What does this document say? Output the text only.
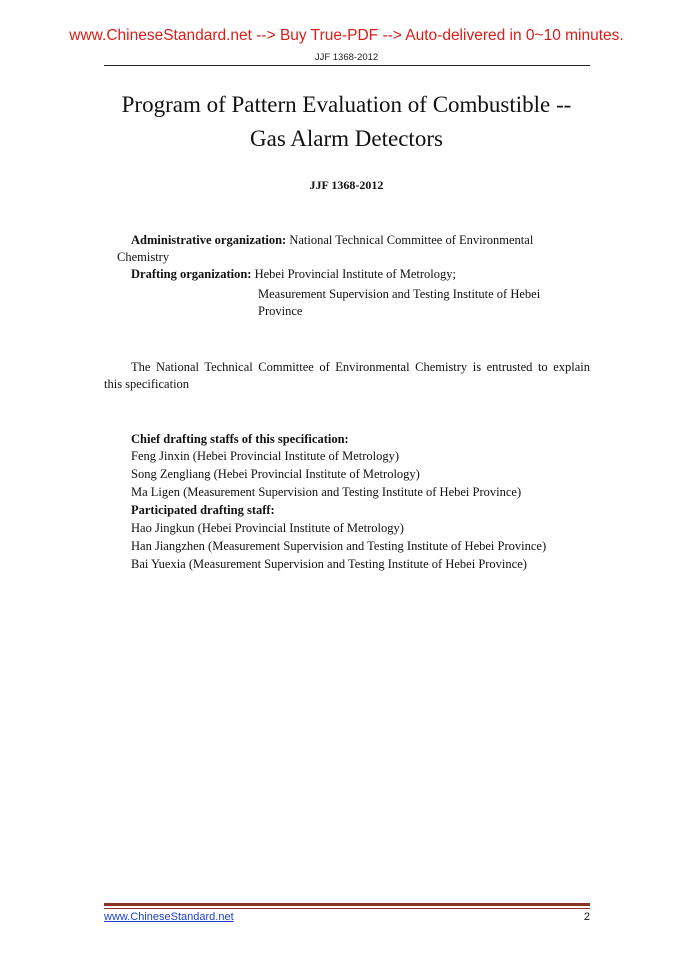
www.ChineseStandard.net --> Buy True-PDF --> Auto-delivered in 0~10 minutes.
JJF 1368-2012
Program of Pattern Evaluation of Combustible --
Gas Alarm Detectors
JJF 1368-2012
Administrative organization: National Technical Committee of Environmental
Chemistry
Drafting organization: Hebei Provincial Institute of Metrology;
Measurement Supervision and Testing Institute of Hebei
Province
The National Technical Committee of Environmental Chemistry is entrusted to explain
this specification
Chief drafting staffs of this specification:
Feng Jinxin (Hebei Provincial Institute of Metrology)
Song Zengliang (Hebei Provincial Institute of Metrology)
Ma Ligen (Measurement Supervision and Testing Institute of Hebei Province)
Participated drafting staff:
Hao Jingkun (Hebei Provincial Institute of Metrology)
Han Jiangzhen (Measurement Supervision and Testing Institute of Hebei Province)
Bai Yuexia (Measurement Supervision and Testing Institute of Hebei Province)
www.ChineseStandard.net	2
